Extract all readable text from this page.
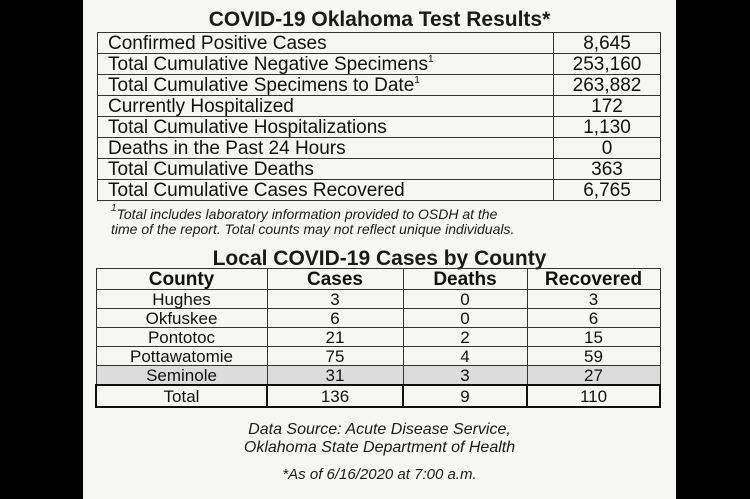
COVID-19 Oklahoma Test Results*
Confirmed Positive Cases	8,645
Total Cumulative Negative Specimens$^1$	253,160
Total Cumulative Specimens to Date$^1$	263,882
Currently Hospitalized	172
Total Cumulative Hospitalizations	1,130
Deaths in the Past 24 Hours	0
Total Cumulative Deaths	363
Total Cumulative Cases Recovered	6,765
$^1$Total includes laboratory information provided to OSDH at the
time of the report. Total counts may not reflect unique individuals.
Local COVID-19 Cases by County
County	Cases	Deaths	Recovered
Hughes	3	0	3
Okfuskee	6	0	6
Pontotoc	21	2	15
Pottawatomie	75	4	59
Seminole	31	3	27
Total	136	9	110
Data Source: Acute Disease Service,
Oklahoma State Department of Health
*As of 6/16/2020 at 7:00 a.m.
